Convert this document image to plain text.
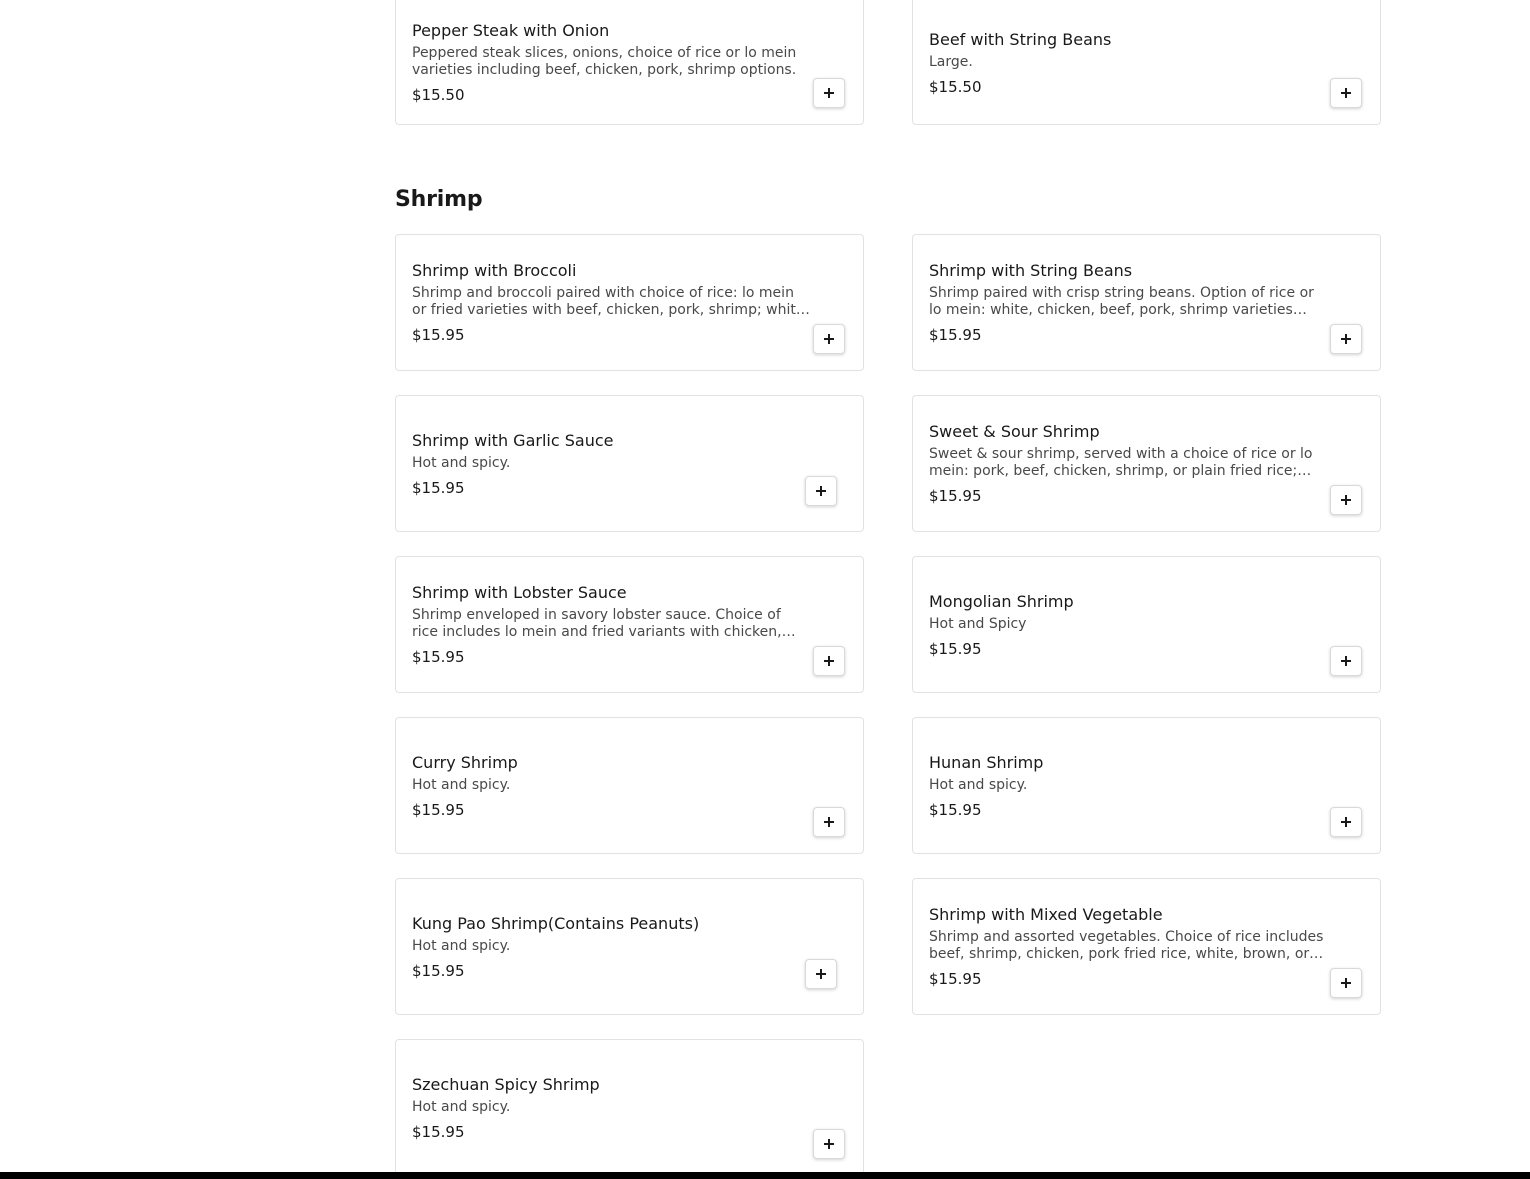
Pepper Steak with Onion
Peppered steak slices, onions, choice of rice or lo mein varieties including beef, chicken, pork, shrimp options.
$15.50
Beef with String Beans
Large.
$15.50
Shrimp
Shrimp with Broccoli
Shrimp and broccoli paired with choice of rice: lo mein or fried varieties with beef, chicken, pork, shrimp; white
$15.95
Shrimp with String Beans
Shrimp paired with crisp string beans. Option of rice or lo mein: white, chicken, beef, pork, shrimp varieties
$15.95
Shrimp with Garlic Sauce
Hot and spicy.
$15.95
Sweet & Sour Shrimp
Sweet & sour shrimp, served with a choice of rice or lo mein: pork, beef, chicken, shrimp, or plain fried rice;
$15.95
Shrimp with Lobster Sauce
Shrimp enveloped in savory lobster sauce. Choice of rice includes lo mein and fried variants with chicken,
$15.95
Mongolian Shrimp
Hot and Spicy
$15.95
Curry Shrimp
Hot and spicy.
$15.95
Hunan Shrimp
Hot and spicy.
$15.95
Kung Pao Shrimp(Contains Peanuts)
Hot and spicy.
$15.95
Shrimp with Mixed Vegetable
Shrimp and assorted vegetables. Choice of rice includes beef, shrimp, chicken, pork fried rice, white, brown, or
$15.95
Szechuan Spicy Shrimp
Hot and spicy.
$15.95
